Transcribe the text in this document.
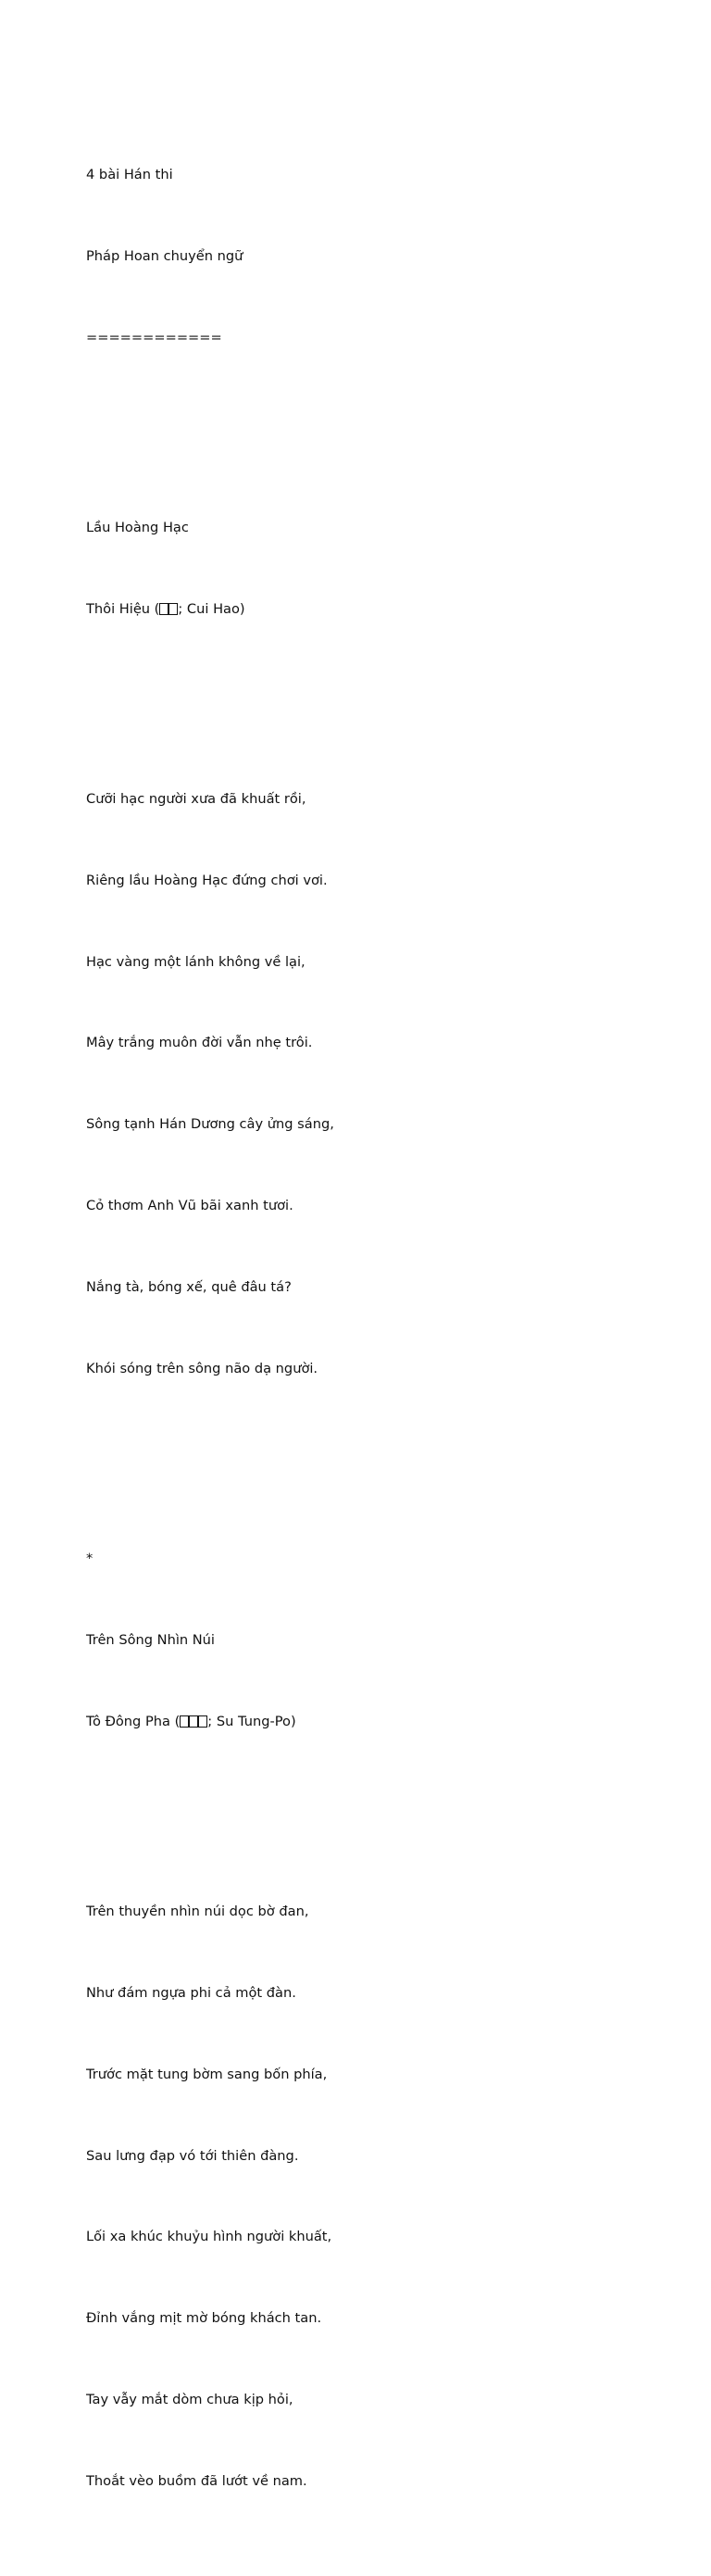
4 bài Hán thi

Pháp Hoan chuyển ngữ

============

Lầu Hoàng Hạc

Thôi Hiệu ( ; Cui Hao)

Cưỡi hạc người xưa đã khuất rồi,

Riêng lầu Hoàng Hạc đứng chơi vơi.

Hạc vàng một lánh không về lại,

Mây trắng muôn đời vẫn nhẹ trôi.

Sông tạnh Hán Dương cây ửng sáng,

Cỏ thơm Anh Vũ bãi xanh tươi.

Nắng tà, bóng xế, quê đâu tá?

Khói sóng trên sông não dạ người.

*

Trên Sông Nhìn Núi

Tô Đông Pha ( ; Su Tung-Po)

Trên thuyền nhìn núi dọc bờ đan,

Như đám ngựa phi cả một đàn.

Trước mặt tung bờm sang bốn phía,

Sau lưng đạp vó tới thiên đàng.

Lối xa khúc khuỷu hình người khuất,

Đỉnh vắng mịt mờ bóng khách tan.

Tay vẫy mắt dòm chưa kịp hỏi,

Thoắt vèo buồm đã lướt về nam.
